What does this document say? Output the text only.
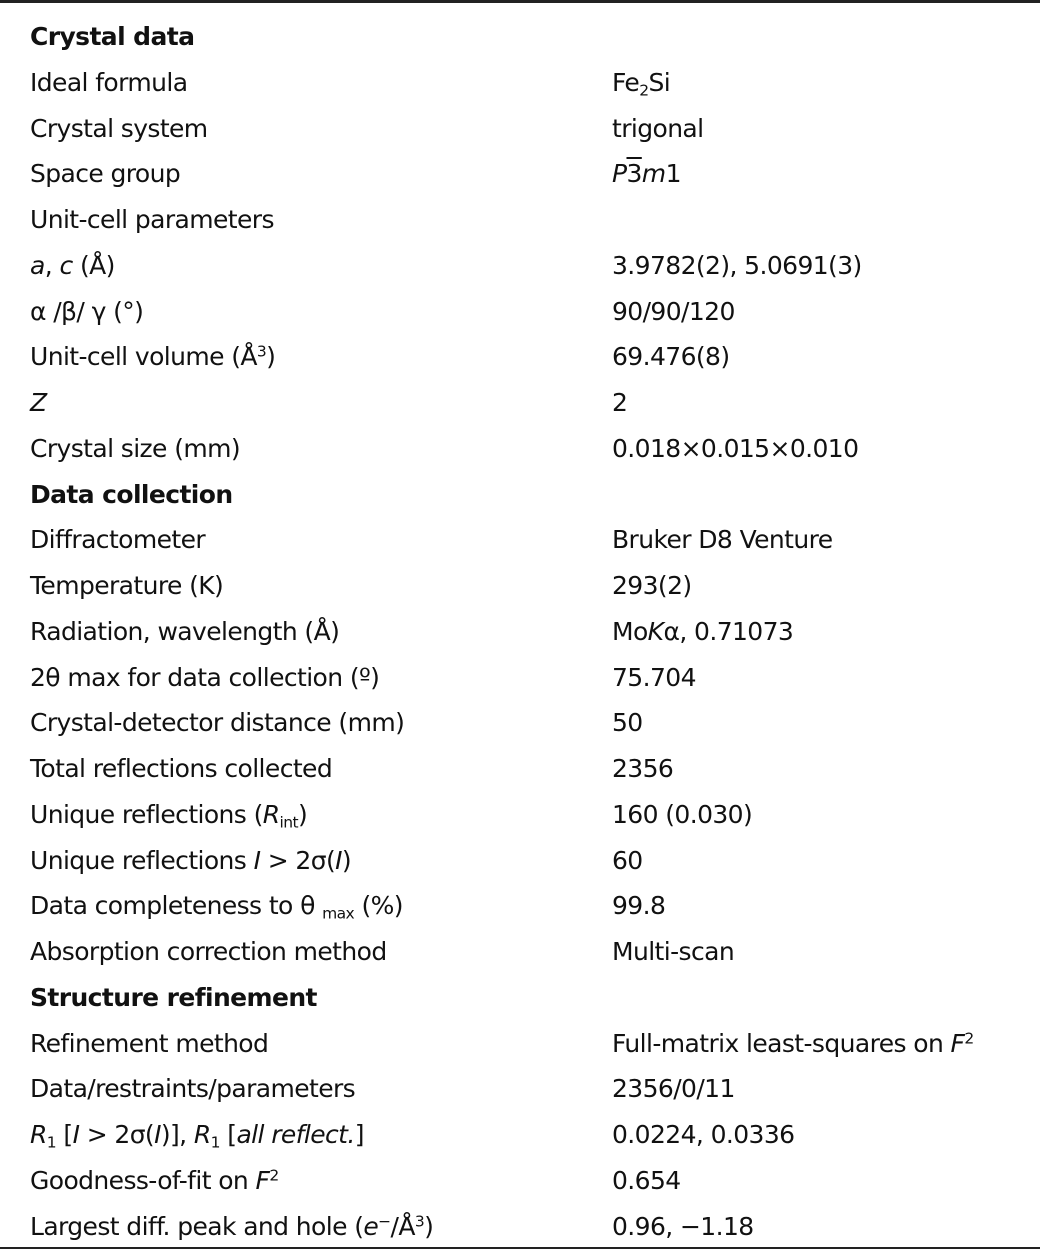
Crystal data
Ideal formula	$Fe_2Si$
Crystal system	trigonal
Space group	P3m1
Unit-cell parameters
a, c (Å)	3.9782(2), 5.0691(3)
α /β/ γ (°)	90/90/120
Unit-cell volume $(Å^3)$	69.476(8)
Z	2
Crystal size (mm)	0.018×0.015×0.010
Data collection
Diffractometer	Bruker D8 Venture
Temperature (K)	293(2)
Radiation, wavelength (Å)	MoKα, 0.71073
2θ max for data collection (º)	75.704
Crystal-detector distance (mm)	50
Total reflections collected	2356
Unique reflections $(R_{int})$	160 (0.030)
Unique reflections I > 2σ(I)	60
Data completeness to θ $_{max}$ (%)	99.8
Absorption correction method	Multi-scan
Structure refinement
Refinement method	Full-matrix least-squares on $F^2$
Data/restraints/parameters	2356/0/11
$R_1$ [I > 2σ(I)], $R_1$ [all reflect.]	0.0224, 0.0336
Goodness-of-fit on $F^2$	0.654
Largest diff. peak and hole $(e^-/Å^3)$	0.96, −1.18
